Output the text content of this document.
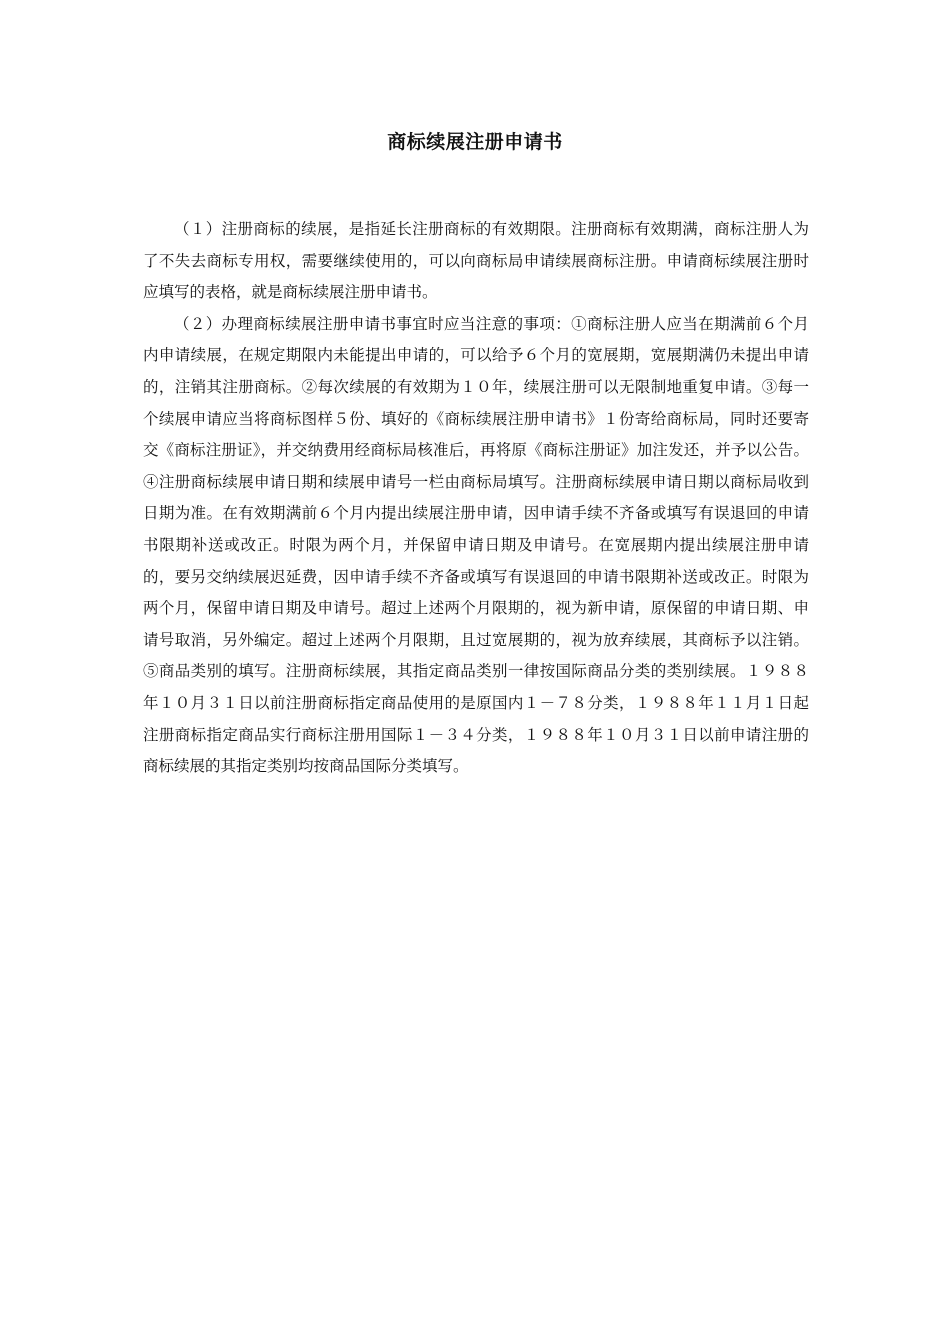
商标续展注册申请书

（１）注册商标的续展，是指延长注册商标的有效期限。注册商标有效期满，商标注册人为了不失去商标专用权，需要继续使用的，可以向商标局申请续展商标注册。申请商标续展注册时应填写的表格，就是商标续展注册申请书。

（２）办理商标续展注册申请书事宜时应当注意的事项：①商标注册人应当在期满前６个月内申请续展，在规定期限内未能提出申请的，可以给予６个月的宽展期，宽展期满仍未提出申请的，注销其注册商标。②每次续展的有效期为１０年，续展注册可以无限制地重复申请。③每一个续展申请应当将商标图样５份、填好的《商标续展注册申请书》１份寄给商标局，同时还要寄交《商标注册证》，并交纳费用经商标局核准后，再将原《商标注册证》加注发还，并予以公告。④注册商标续展申请日期和续展申请号一栏由商标局填写。注册商标续展申请日期以商标局收到日期为准。在有效期满前６个月内提出续展注册申请，因申请手续不齐备或填写有误退回的申请书限期补送或改正。时限为两个月，并保留申请日期及申请号。在宽展期内提出续展注册申请的，要另交纳续展迟延费，因申请手续不齐备或填写有误退回的申请书限期补送或改正。时限为两个月，保留申请日期及申请号。超过上述两个月限期的，视为新申请，原保留的申请日期、申请号取消，另外编定。超过上述两个月限期，且过宽展期的，视为放弃续展，其商标予以注销。⑤商品类别的填写。注册商标续展，其指定商品类别一律按国际商品分类的类别续展。１９８８年１０月３１日以前注册商标指定商品使用的是原国内１－７８分类，１９８８年１１月１日起注册商标指定商品实行商标注册用国际１－３４分类，１９８８年１０月３１日以前申请注册的商标续展的其指定类别均按商品国际分类填写。
